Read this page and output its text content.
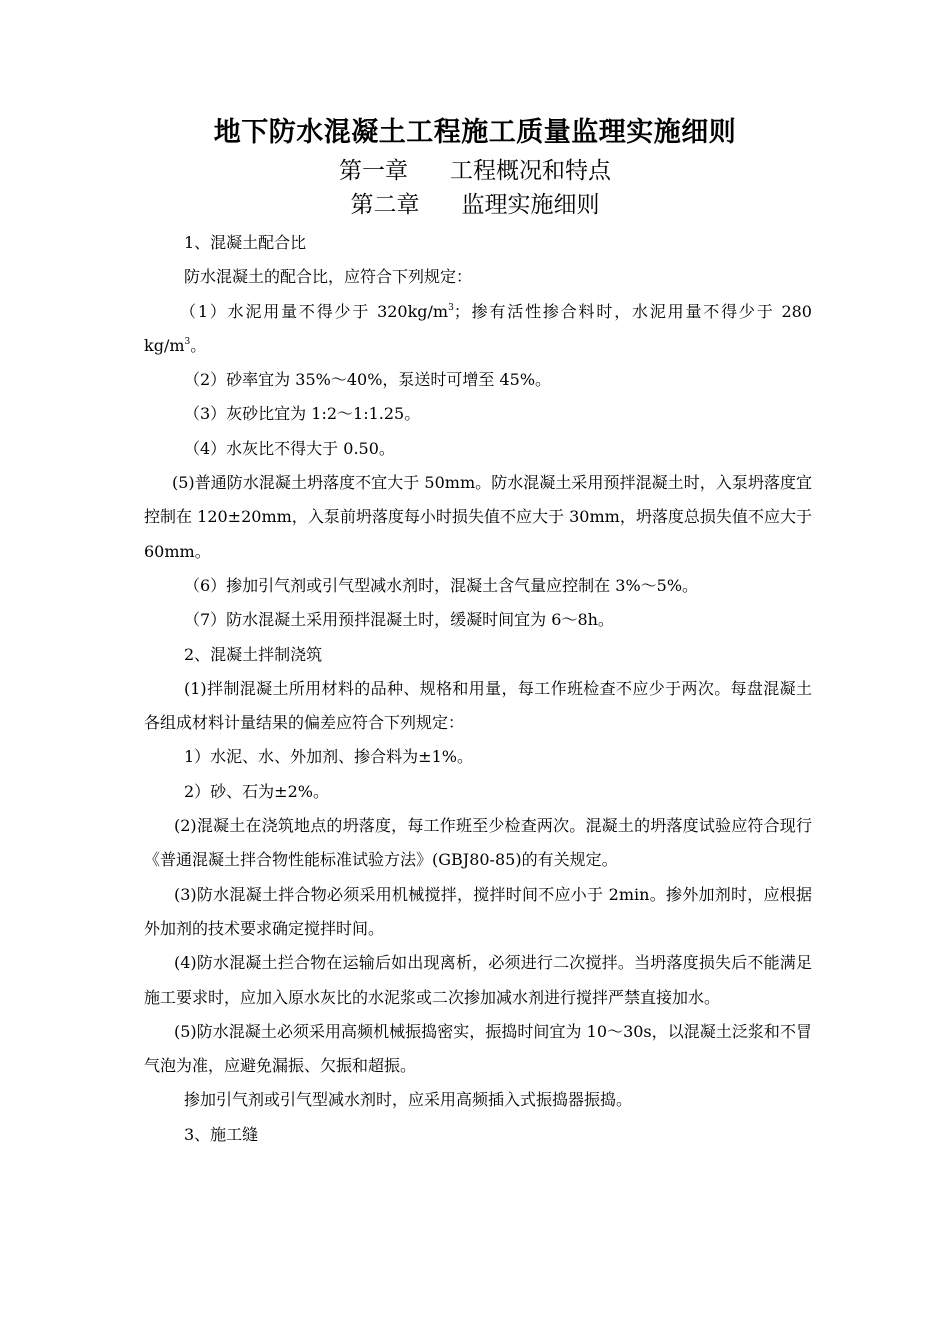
地下防水混凝土工程施工质量监理实施细则
第一章 工程概况和特点
第二章 监理实施细则

1、混凝土配合比

防水混凝土的配合比，应符合下列规定：

（1）水泥用量不得少于 $320kg/m^3$；掺有活性掺合料时，水泥用量不得少于 280 $kg/m^3$。

（2）砂率宜为 35%～40%，泵送时可增至 45%。

（3）灰砂比宜为 1:2～1:1.25。

（4）水灰比不得大于 0.50。

(5)普通防水混凝土坍落度不宜大于 50mm。防水混凝土采用预拌混凝土时，入泵坍落度宜控制在 120±20mm，入泵前坍落度每小时损失值不应大于 30mm，坍落度总损失值不应大于 60mm。

（6）掺加引气剂或引气型减水剂时，混凝土含气量应控制在 3%～5%。

（7）防水混凝土采用预拌混凝土时，缓凝时间宜为 6～8h。

2、混凝土拌制浇筑

(1)拌制混凝土所用材料的品种、规格和用量，每工作班检查不应少于两次。每盘混凝土各组成材料计量结果的偏差应符合下列规定：

1）水泥、水、外加剂、掺合料为±1%。

2）砂、石为±2%。

(2)混凝土在浇筑地点的坍落度，每工作班至少检查两次。混凝土的坍落度试验应符合现行《普通混凝土拌合物性能标准试验方法》(GBJ80-85)的有关规定。

(3)防水混凝土拌合物必须采用机械搅拌，搅拌时间不应小于 2min。掺外加剂时，应根据外加剂的技术要求确定搅拌时间。

(4)防水混凝土拦合物在运输后如出现离析，必须进行二次搅拌。当坍落度损失后不能满足施工要求时，应加入原水灰比的水泥浆或二次掺加减水剂进行搅拌严禁直接加水。

(5)防水混凝土必须采用高频机械振捣密实，振捣时间宜为 10～30s，以混凝土泛浆和不冒气泡为准，应避免漏振、欠振和超振。

掺加引气剂或引气型减水剂时，应采用高频插入式振捣器振捣。

3、施工缝
